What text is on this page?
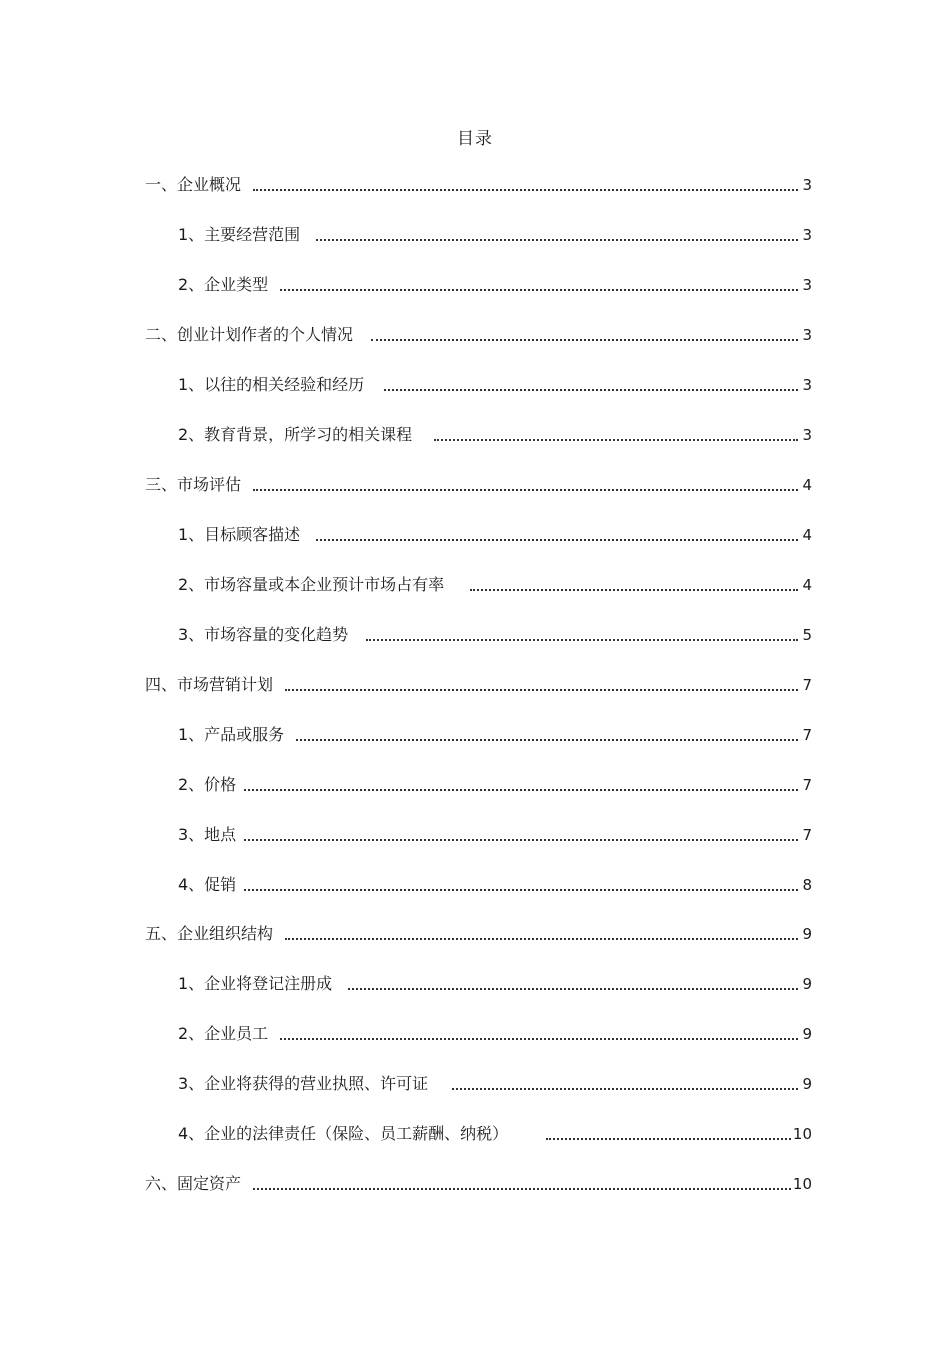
目录
一、企业概况	3
1、主要经营范围	3
2、企业类型	3
二、创业计划作者的个人情况	3
1、以往的相关经验和经历	3
2、教育背景，所学习的相关课程	3
三、市场评估	4
1、目标顾客描述	4
2、市场容量或本企业预计市场占有率	4
3、市场容量的变化趋势	5
四、市场营销计划	7
1、产品或服务	7
2、价格	7
3、地点	7
4、促销	8
五、企业组织结构	9
1、企业将登记注册成	9
2、企业员工	9
3、企业将获得的营业执照、许可证	9
4、企业的法律责任（保险、员工薪酬、纳税）	10
六、固定资产	10
